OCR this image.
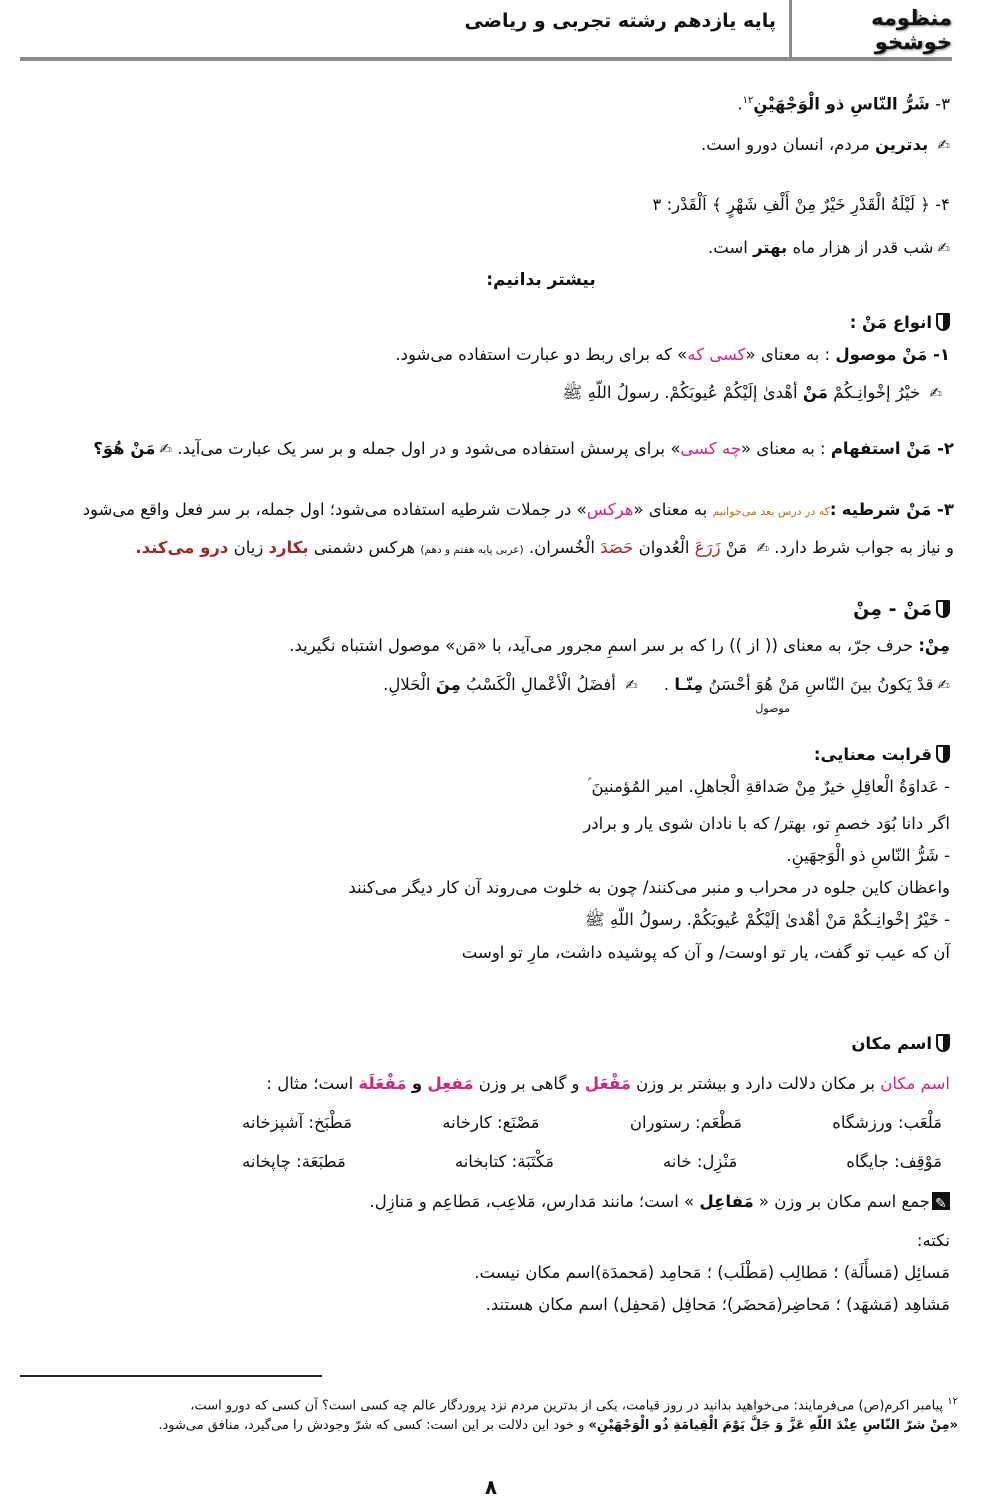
منظومه خوشخو
پایه یازدهم رشته تجربی و ریاضی
۳- شَرُّ النّاسِ ذو الْوَجْهَیْنِ$^{۱۲}$.
✍ بدترین مردم، انسان دورو است.
۴- ﴿ لَیْلَةُ الْقَدْرِ خَیْرٌ مِنْ أَلْفِ شَهْرٍ ﴾ اَلْقَدْر: ۳
✍شب قدر از هزار ماه بهتر است.
بیشتر بدانیم:
انواع مَنْ :
۱- مَنْ موصول : به معنای «کسی که» که برای ربط دو عبارت استفاده می‌شود.
✍ خیْرُ إخْوانِـکُمْ مَنْ أهْدیٰ إلَیْکُمْ عُیوبَکُمْ. رسولُ اللّهِ ﷺ
۲- مَنْ استفهام : به معنای «چه کسی» برای پرسش استفاده می‌شود و در اول جمله و بر سر یک عبارت می‌آید. ✍مَنْ هُوَ؟
۳- مَنْ شرطیه :که در درس بعد می‌خوانیم به معنای «هرکس» در جملات شرطیه استفاده می‌شود؛ اول جمله، بر سر فعل واقع می‌شود
و نیاز به جواب شرط دارد. ✍ مَنْ زَرَعَ الْعُدوان حَصَدَ الْخُسران. (عربی پایه هفتم و دهم) هرکس دشمنی بکارد زیان درو می‌کند.
مَنْ - مِنْ
مِنْ: حرف جرّ، به معنای (( از )) را که بر سر اسمِ مجرور می‌آید، با «مَن» موصول اشتباه نگیرید.
✍قدْ یَکونُ بینَ النّاسِ مَنْ هُوَ أحْسَنُ مِنّـا .     ✍ أفضَلُ الْأعْمالِ الْکَسْبُ مِنَ الْحَلالِ.
موصول
قرابت معنایی:
- عَداوَةُ الْعاقِلِ خیرٌ مِنْ صَداقةِ الْجاهلِ. امیر المُؤمنینَ ؑ
اگر دانا بُوَد خصمِ تو، بهتر/ که با نادان شوی یار و برادر
- شَرُّ النّاسِ ذو الْوَجهَینِ.
واعظان کاین جلوه در محراب و منبر می‌کنند/ چون به خلوت می‌روند آن کار دیگر می‌کنند
- خَیْرُ إخْوانِـکُمْ مَنْ أهْدیٰ إلَیْکُمْ عُیوبَکُمْ. رسولُ اللّهِ ﷺ
آن که عیب تو گفت، یار تو اوست/ و آن که پوشیده داشت، مارِ تو اوست
اسم مکان
اسم مکان بر مکان دلالت دارد و بیشتر بر وزن مَفْعَل و گاهی بر وزن مَفعِل و مَفْعَلَة است؛ مثال :
مَلْعَب: ورزشگاه
مَطْعَم: رستوران
مَصْنَع: کارخانه
مَطْبَخ: آشپزخانه
مَوْقِف: جایگاه
مَنْزِل: خانه
مَکْتَبَة: کتابخانه
مَطبَعَة: چاپخانه
✎جمع اسم مکان بر وزن « مَفاعِل » است؛ مانند مَدارس، مَلاعِب، مَطاعِم و مَنازِل.
نکته:
مَسائِل (مَسأَلَة) ؛ مَطالِب (مَطْلَب) ؛ مَحامِد (مَحمدَة)اسم مکان نیست.
مَشاهِد (مَشهَد) ؛ مَحاضِر(مَحضَر)؛ مَحافِل (مَحفِل) اسم مکان هستند.
$^{۱۲}$ پیامبر اکرم(ص) می‌فرمایند: می‌خواهید بدانید در روز قیامت، یکی از بدترین مردم نزد پروردگار عالم چه کسی است؟ آن کسی که دورو است،
«مِنْ شرّ النّاسِ عِنْدَ اللّهِ عَزَّ وَ جَلَّ یَوْمَ الْقِیامَةِ ذُو الْوَجْهَیْنِ» و خود این دلالت بر این است: کسی که شرّ وجودش را می‌گیرد، منافق می‌شود.
۸
